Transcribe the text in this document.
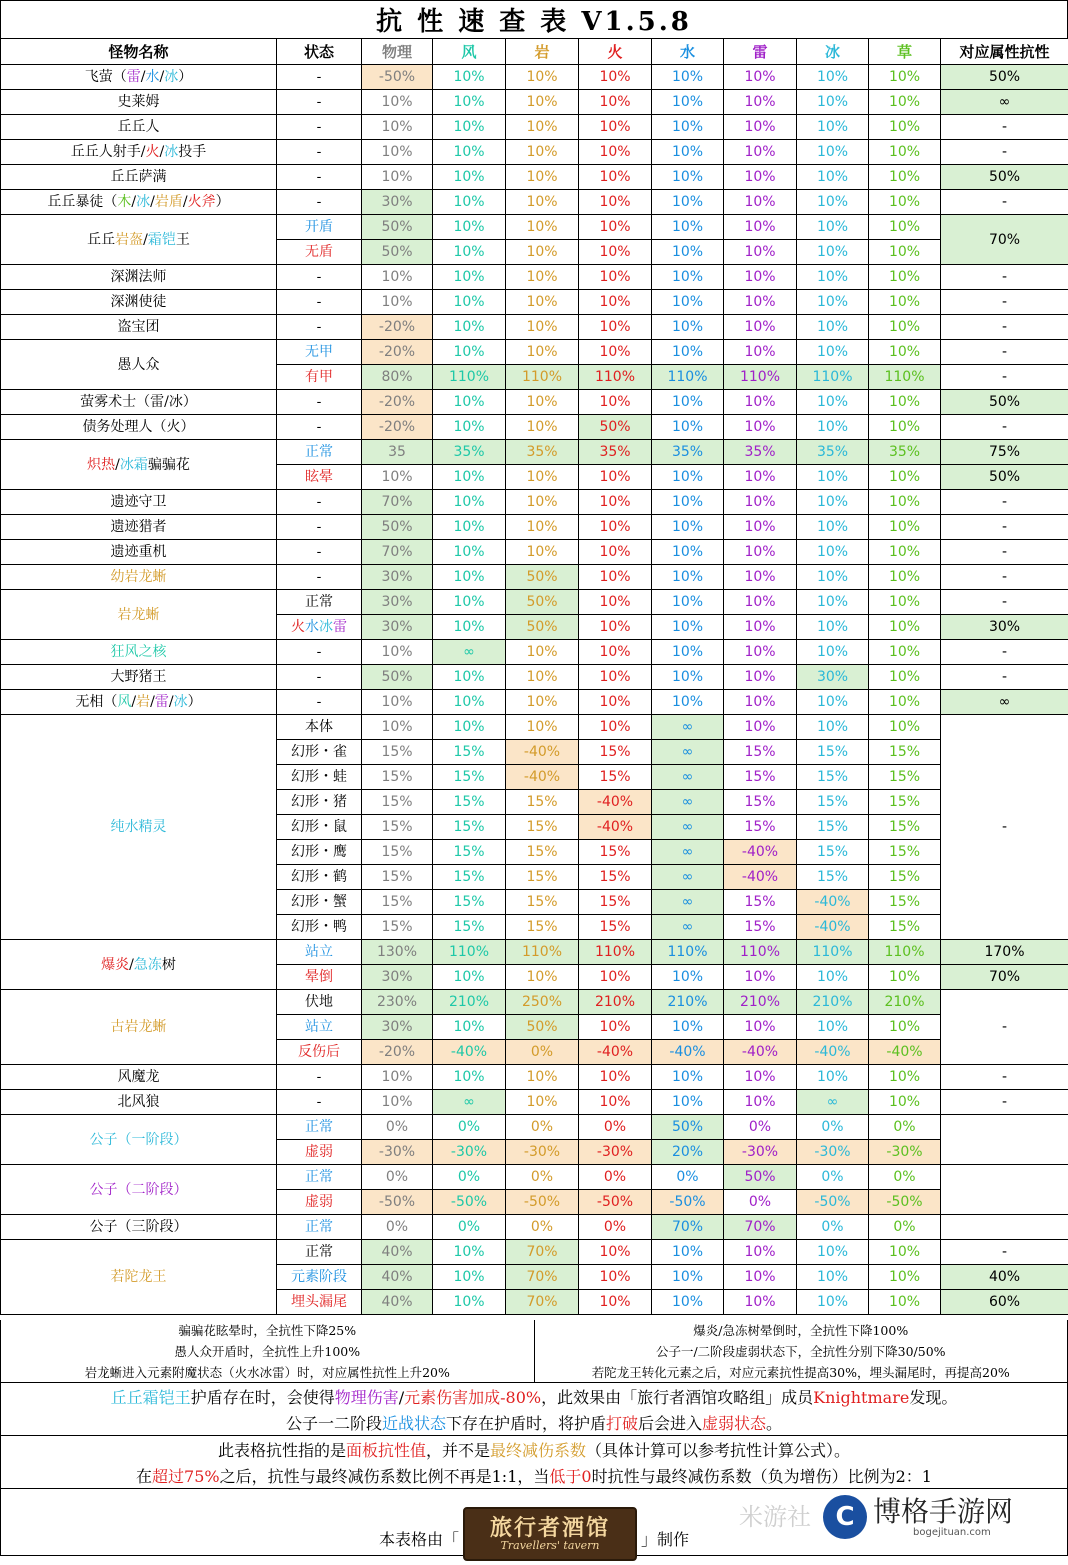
抗 性 速 查 表 V1.5.8
怪物名称	状态	物理	风	岩	火	水	雷	冰	草	对应属性抗性
飞萤（雷/水/冰）	-	-50%	10%	10%	10%	10%	10%	10%	10%	50%
史莱姆	-	10%	10%	10%	10%	10%	10%	10%	10%	∞
丘丘人	-	10%	10%	10%	10%	10%	10%	10%	10%	-
丘丘人射手/火/冰投手	-	10%	10%	10%	10%	10%	10%	10%	10%	-
丘丘萨满	-	10%	10%	10%	10%	10%	10%	10%	10%	50%
丘丘暴徒（木/冰/岩盾/火斧）	-	30%	10%	10%	10%	10%	10%	10%	10%	-
丘丘岩盔/霜铠王	开盾	50%	10%	10%	10%	10%	10%	10%	10%	70%
	无盾	50%	10%	10%	10%	10%	10%	10%	10%	
深渊法师	-	10%	10%	10%	10%	10%	10%	10%	10%	-
深渊使徒	-	10%	10%	10%	10%	10%	10%	10%	10%	-
盗宝团	-	-20%	10%	10%	10%	10%	10%	10%	10%	-
愚人众	无甲	-20%	10%	10%	10%	10%	10%	10%	10%	-
	有甲	80%	110%	110%	110%	110%	110%	110%	110%	-
萤雾术士（雷/冰）	-	-20%	10%	10%	10%	10%	10%	10%	10%	50%
债务处理人（火）	-	-20%	10%	10%	50%	10%	10%	10%	10%	-
炽热/冰霜骗骗花	正常	35	35%	35%	35%	35%	35%	35%	35%	75%
	眩晕	10%	10%	10%	10%	10%	10%	10%	10%	50%
遗迹守卫	-	70%	10%	10%	10%	10%	10%	10%	10%	-
遗迹猎者	-	50%	10%	10%	10%	10%	10%	10%	10%	-
遗迹重机	-	70%	10%	10%	10%	10%	10%	10%	10%	-
幼岩龙蜥	-	30%	10%	50%	10%	10%	10%	10%	10%	-
岩龙蜥	正常	30%	10%	50%	10%	10%	10%	10%	10%	-
	火水冰雷	30%	10%	50%	10%	10%	10%	10%	10%	30%
狂风之核	-	10%	∞	10%	10%	10%	10%	10%	10%	-
大野猪王	-	50%	10%	10%	10%	10%	10%	30%	10%	-
无相（风/岩/雷/冰）	-	10%	10%	10%	10%	10%	10%	10%	10%	∞
纯水精灵	本体	10%	10%	10%	10%	∞	10%	10%	10%	-
	幻形・雀	15%	15%	-40%	15%	∞	15%	15%	15%	
	幻形・蛙	15%	15%	-40%	15%	∞	15%	15%	15%	
	幻形・猪	15%	15%	15%	-40%	∞	15%	15%	15%	
	幻形・鼠	15%	15%	15%	-40%	∞	15%	15%	15%	
	幻形・鹰	15%	15%	15%	15%	∞	-40%	15%	15%	
	幻形・鹤	15%	15%	15%	15%	∞	-40%	15%	15%	
	幻形・蟹	15%	15%	15%	15%	∞	15%	-40%	15%	
	幻形・鸭	15%	15%	15%	15%	∞	15%	-40%	15%	
爆炎/急冻树	站立	130%	110%	110%	110%	110%	110%	110%	110%	170%
	晕倒	30%	10%	10%	10%	10%	10%	10%	10%	70%
古岩龙蜥	伏地	230%	210%	250%	210%	210%	210%	210%	210%	-
	站立	30%	10%	50%	10%	10%	10%	10%	10%	
	反伤后	-20%	-40%	0%	-40%	-40%	-40%	-40%	-40%	
风魔龙	-	10%	10%	10%	10%	10%	10%	10%	10%	-
北风狼	-	10%	∞	10%	10%	10%	10%	∞	10%	-
公子（一阶段）	正常	0%	0%	0%	0%	50%	0%	0%	0%	
	虚弱	-30%	-30%	-30%	-30%	20%	-30%	-30%	-30%	
公子（二阶段）	正常	0%	0%	0%	0%	0%	50%	0%	0%	
	虚弱	-50%	-50%	-50%	-50%	-50%	0%	-50%	-50%	
公子（三阶段）	正常	0%	0%	0%	0%	70%	70%	0%	0%	
若陀龙王	正常	40%	10%	70%	10%	10%	10%	10%	10%	-
	元素阶段	40%	10%	70%	10%	10%	10%	10%	10%	40%
	埋头漏尾	40%	10%	70%	10%	10%	10%	10%	10%	60%
骗骗花眩晕时，全抗性下降25%
愚人众开盾时，全抗性上升100%
岩龙蜥进入元素附魔状态（火水冰雷）时，对应属性抗性上升20%
爆炎/急冻树晕倒时，全抗性下降100%
公子一/二阶段虚弱状态下，全抗性分别下降30/50%
若陀龙王转化元素之后，对应元素抗性提高30%，埋头漏尾时，再提高20%
丘丘霜铠王护盾存在时，会使得物理伤害/元素伤害加成-80%，此效果由「旅行者酒馆攻略组」成员Knightmare发现。
公子一二阶段近战状态下存在护盾时，将护盾打破后会进入虚弱状态。
此表格抗性指的是面板抗性值，并不是最终减伤系数（具体计算可以参考抗性计算公式）。
在超过75%之后，抗性与最终减伤系数比例不再是1:1，当低于0时抗性与最终减伤系数（负为增伤）比例为2：1
本表格由「 旅行者酒馆
Travellers' tavern	」制作
米游社 C 博格手游网
bogejituan.com
